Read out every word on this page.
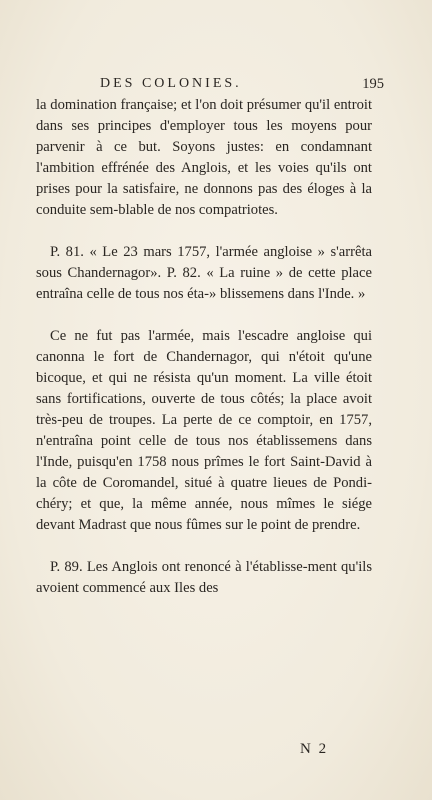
DES COLONIES.	195

la domination française; et l'on doit présumer qu'il entroit dans ses principes d'employer tous les moyens pour parvenir à ce but. Soyons justes: en condamnant l'ambition effrénée des Anglois, et les voies qu'ils ont prises pour la satisfaire, ne donnons pas des éloges à la conduite sem-blable de nos compatriotes.

P. 81. « Le 23 mars 1757, l'armée angloise » s'arrêta sous Chandernagor». P. 82. « La ruine » de cette place entraîna celle de tous nos éta-» blissemens dans l'Inde. »

Ce ne fut pas l'armée, mais l'escadre angloise qui canonna le fort de Chandernagor, qui n'étoit qu'une bicoque, et qui ne résista qu'un moment. La ville étoit sans fortifications, ouverte de tous côtés; la place avoit très-peu de troupes. La perte de ce comptoir, en 1757, n'entraîna point celle de tous nos établissemens dans l'Inde, puisqu'en 1758 nous prîmes le fort Saint-David à la côte de Coromandel, situé à quatre lieues de Pondi-chéry; et que, la même année, nous mîmes le siége devant Madrast que nous fûmes sur le point de prendre.

P. 89. Les Anglois ont renoncé à l'établisse-ment qu'ils avoient commencé aux Iles des

N 2
